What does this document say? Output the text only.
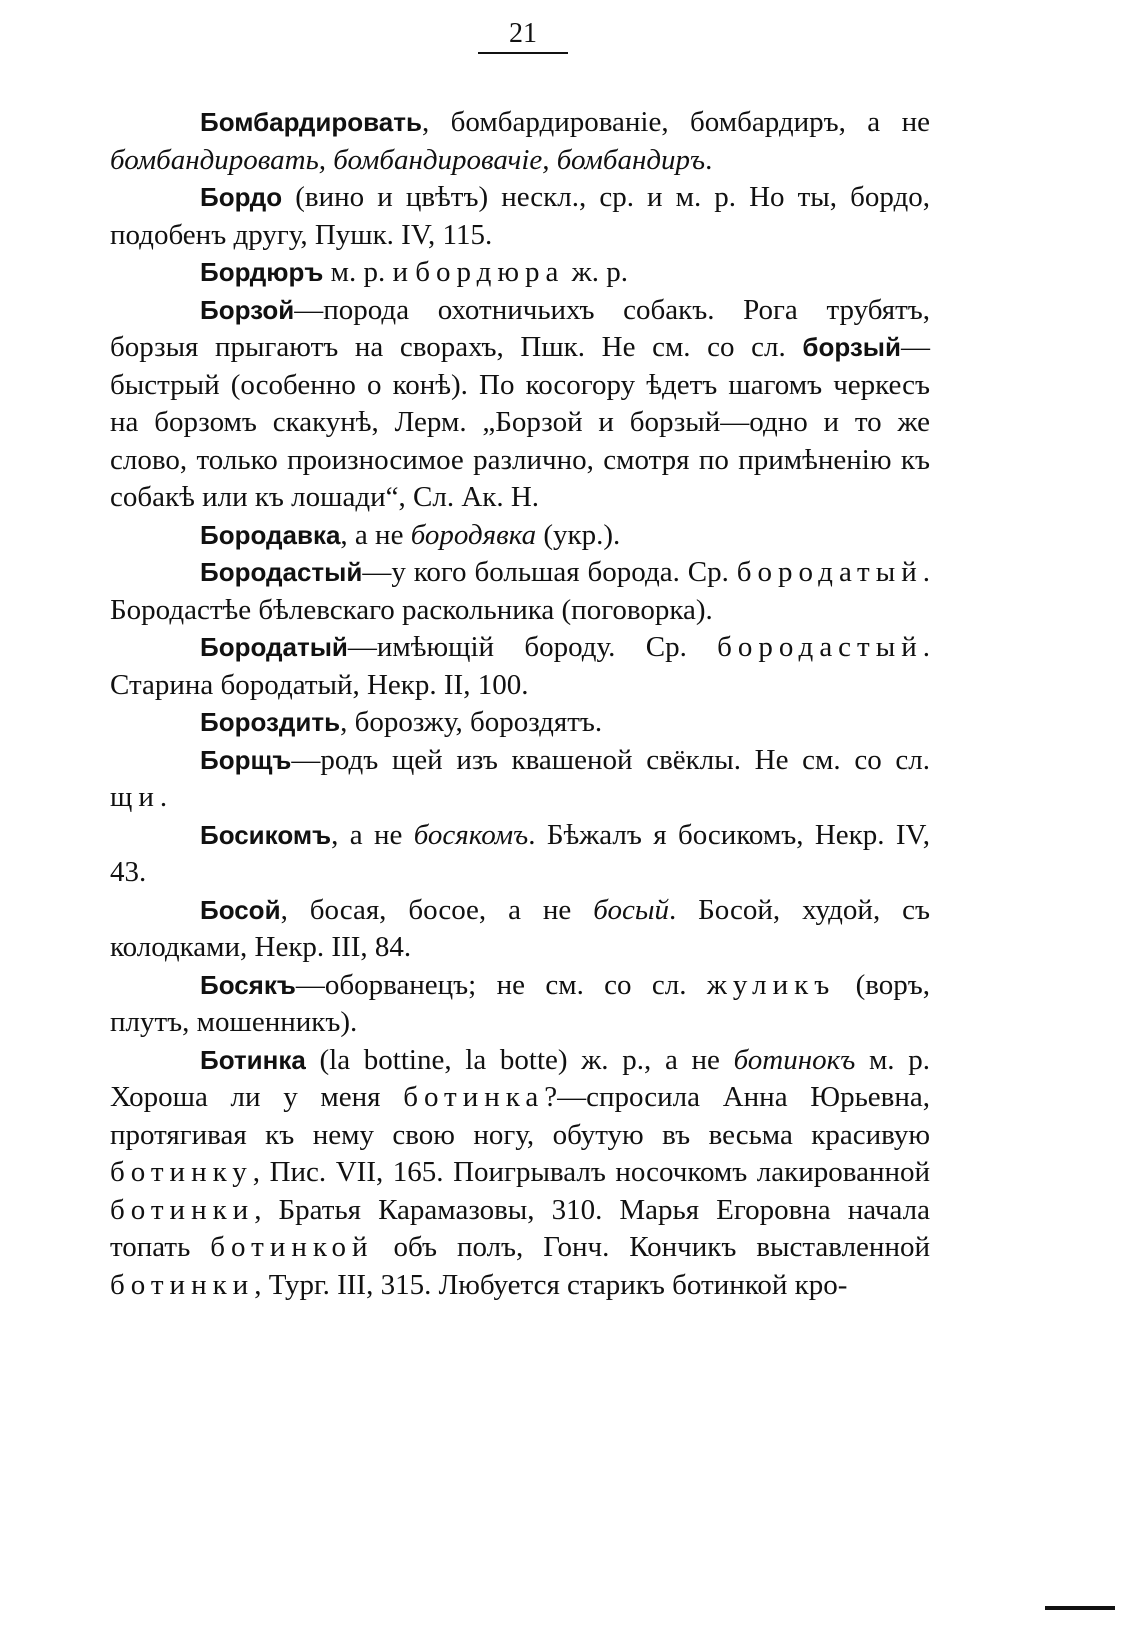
21

Бомбардировать, бомбардированіе, бомбардиръ, а не бомбандировать, бомбандировачіе, бомбандиръ.

Бордо (вино и цвѣтъ) нескл., ср. и м. р. Но ты, бордо, подобенъ другу, Пушк. IV, 115.

Бордюръ м. р. и бордюра ж. р.

Борзой—порода охотничьихъ собакъ. Рога трубятъ, борзыя прыгаютъ на сворахъ, Пшк. Не см. со сл. борзый—быстрый (особенно о конѣ). По косогору ѣдетъ шагомъ черкесъ на борзомъ скакунѣ, Лерм. „Борзой и борзый—одно и то же слово, только произносимое различно, смотря по примѣненію къ собакѣ или къ лошади“, Сл. Ак. Н.

Бородавка, а не бородявка (укр.).

Бородастый—у кого большая борода. Ср. бородатый. Бородастѣе бѣлевскаго раскольника (поговорка).

Бородатый—имѣющій бороду. Ср. бородастый. Старина бородатый, Некр. II, 100.

Бороздить, борозжу, бороздятъ.

Борщъ—родъ щей изъ квашеной свёклы. Не см. со сл. щи.

Босикомъ, а не босякомъ. Бѣжалъ я босикомъ, Некр. IV, 43.

Босой, босая, босое, а не босый. Босой, худой, съ колодками, Некр. III, 84.

Босякъ—оборванецъ; не см. со сл. жуликъ (воръ, плутъ, мошенникъ).

Ботинка (la bottine, la botte) ж. р., а не ботинокъ м. р. Хороша ли у меня ботинка?—спросила Анна Юрьевна, протягивая къ нему свою ногу, обутую въ весьма красивую ботинку, Пис. VII, 165. Поигрывалъ носочкомъ лакированной ботинки, Братья Карамазовы, 310. Марья Егоровна начала топать ботинкой объ полъ, Гонч. Кончикъ выставленной ботинки, Тург. III, 315. Любуется старикъ ботинкой кро-
